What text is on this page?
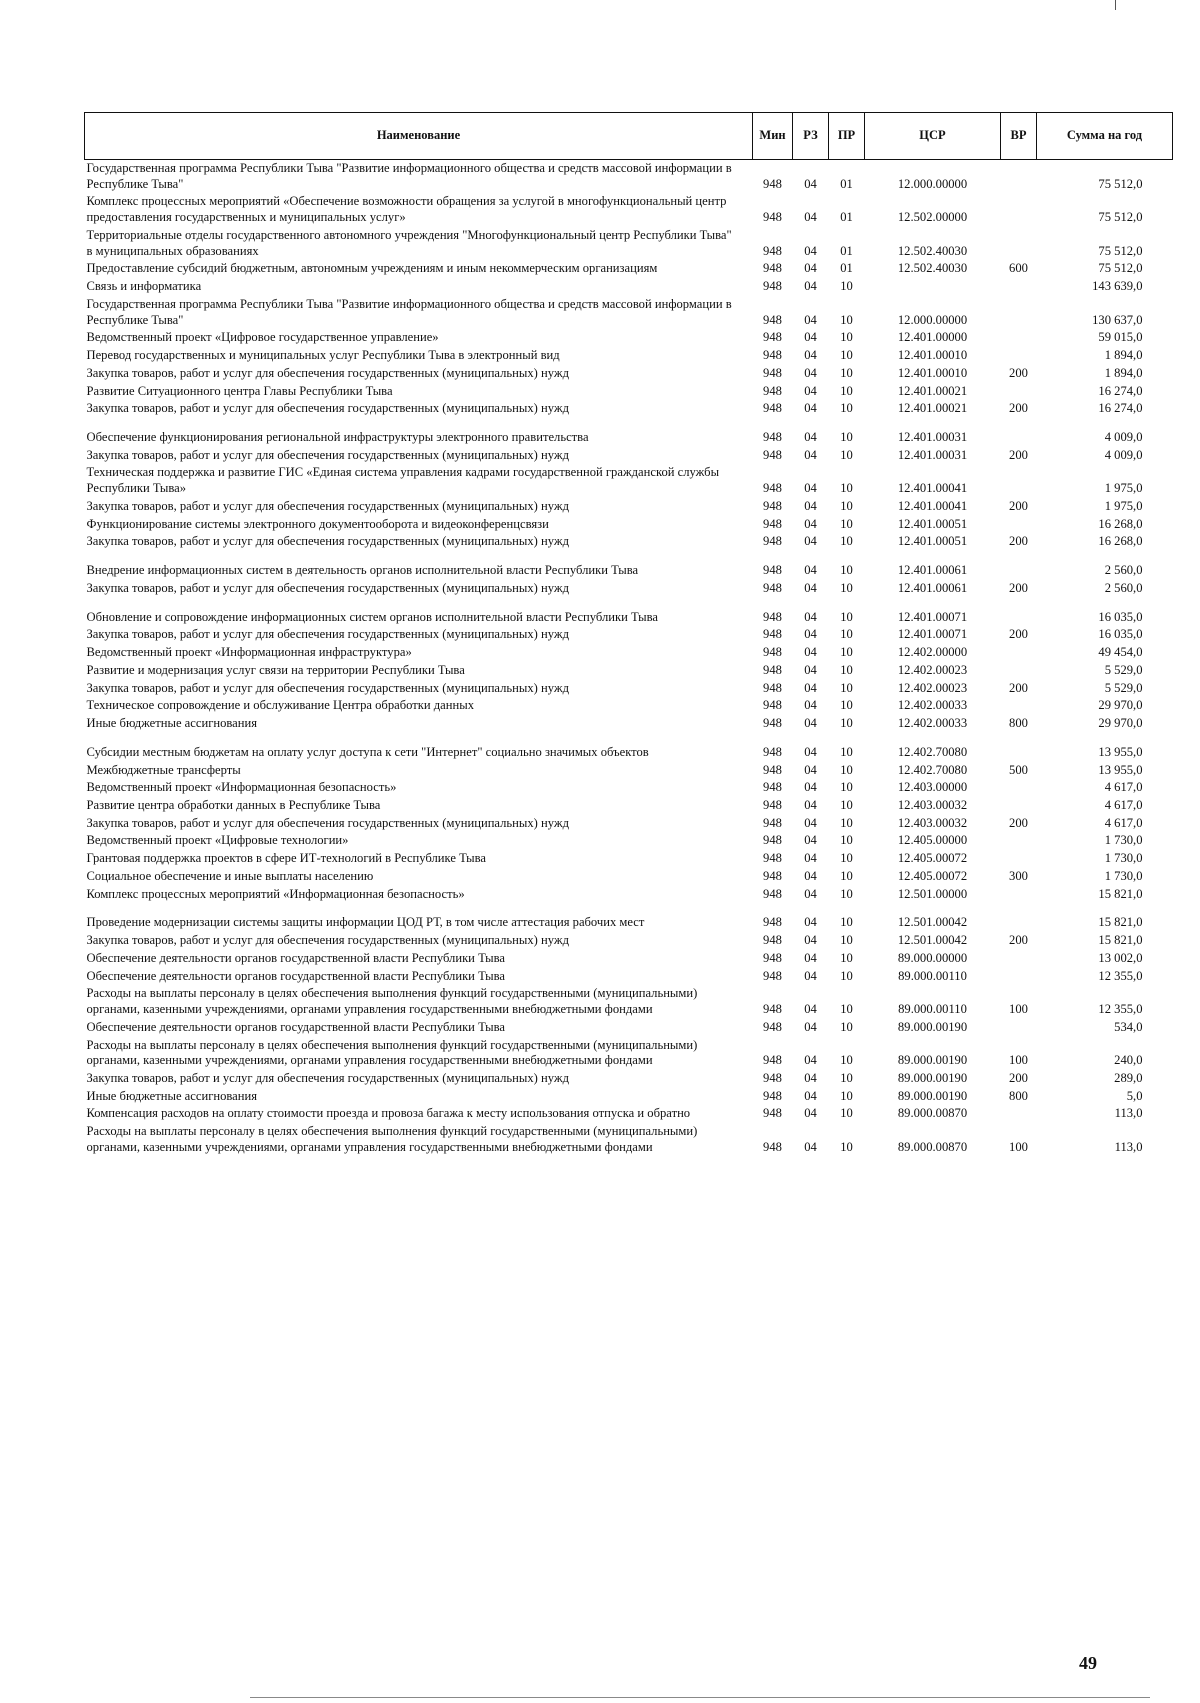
Наименование	Мин	РЗ	ПР	ЦСР	ВР	Сумма на год
Государственная программа Республики Тыва "Развитие информационного общества и средств массовой информации в Республике Тыва"	948	04	01	12.000.00000		75 512,0
Комплекс процессных мероприятий «Обеспечение возможности обращения за услугой в многофункциональный центр предоставления государственных и муниципальных услуг»	948	04	01	12.502.00000		75 512,0
Территориальные отделы государственного автономного учреждения "Многофункциональный центр Республики Тыва" в муниципальных образованиях	948	04	01	12.502.40030		75 512,0
Предоставление субсидий бюджетным, автономным учреждениям и иным некоммерческим организациям	948	04	01	12.502.40030	600	75 512,0
Связь и информатика	948	04	10			143 639,0
Государственная программа Республики Тыва "Развитие информационного общества и средств массовой информации в Республике Тыва"	948	04	10	12.000.00000		130 637,0
Ведомственный проект «Цифровое государственное управление»	948	04	10	12.401.00000		59 015,0
Перевод государственных и муниципальных услуг Республики Тыва в электронный вид	948	04	10	12.401.00010		1 894,0
Закупка товаров, работ и услуг для обеспечения государственных (муниципальных) нужд	948	04	10	12.401.00010	200	1 894,0
Развитие Ситуационного центра Главы Республики Тыва	948	04	10	12.401.00021		16 274,0
Закупка товаров, работ и услуг для обеспечения государственных (муниципальных) нужд	948	04	10	12.401.00021	200	16 274,0
Обеспечение функционирования региональной инфраструктуры электронного правительства	948	04	10	12.401.00031		4 009,0
Закупка товаров, работ и услуг для обеспечения государственных (муниципальных) нужд	948	04	10	12.401.00031	200	4 009,0
Техническая поддержка и развитие ГИС «Единая система управления кадрами государственной гражданской службы Республики Тыва»	948	04	10	12.401.00041		1 975,0
Закупка товаров, работ и услуг для обеспечения государственных (муниципальных) нужд	948	04	10	12.401.00041	200	1 975,0
Функционирование системы электронного документооборота и видеоконференцсвязи	948	04	10	12.401.00051		16 268,0
Закупка товаров, работ и услуг для обеспечения государственных (муниципальных) нужд	948	04	10	12.401.00051	200	16 268,0
Внедрение информационных систем в деятельность органов исполнительной власти Республики Тыва	948	04	10	12.401.00061		2 560,0
Закупка товаров, работ и услуг для обеспечения государственных (муниципальных) нужд	948	04	10	12.401.00061	200	2 560,0
Обновление и сопровождение информационных систем органов исполнительной власти Республики Тыва	948	04	10	12.401.00071		16 035,0
Закупка товаров, работ и услуг для обеспечения государственных (муниципальных) нужд	948	04	10	12.401.00071	200	16 035,0
Ведомственный проект «Информационная инфраструктура»	948	04	10	12.402.00000		49 454,0
Развитие и модернизация услуг связи на территории Республики Тыва	948	04	10	12.402.00023		5 529,0
Закупка товаров, работ и услуг для обеспечения государственных (муниципальных) нужд	948	04	10	12.402.00023	200	5 529,0
Техническое сопровождение и обслуживание Центра обработки данных	948	04	10	12.402.00033		29 970,0
Иные бюджетные ассигнования	948	04	10	12.402.00033	800	29 970,0
Субсидии местным бюджетам на оплату услуг доступа к сети "Интернет" социально значимых объектов	948	04	10	12.402.70080		13 955,0
Межбюджетные трансферты	948	04	10	12.402.70080	500	13 955,0
Ведомственный проект «Информационная безопасность»	948	04	10	12.403.00000		4 617,0
Развитие центра обработки данных в Республике Тыва	948	04	10	12.403.00032		4 617,0
Закупка товаров, работ и услуг для обеспечения государственных (муниципальных) нужд	948	04	10	12.403.00032	200	4 617,0
Ведомственный проект «Цифровые технологии»	948	04	10	12.405.00000		1 730,0
Грантовая поддержка проектов в сфере ИТ-технологий в Республике Тыва	948	04	10	12.405.00072		1 730,0
Социальное обеспечение и иные выплаты населению	948	04	10	12.405.00072	300	1 730,0
Комплекс процессных мероприятий «Информационная безопасность»	948	04	10	12.501.00000		15 821,0
Проведение модернизации системы защиты информации ЦОД РТ, в том числе аттестация рабочих мест	948	04	10	12.501.00042		15 821,0
Закупка товаров, работ и услуг для обеспечения государственных (муниципальных) нужд	948	04	10	12.501.00042	200	15 821,0
Обеспечение деятельности органов государственной власти Республики Тыва	948	04	10	89.000.00000		13 002,0
Обеспечение деятельности органов государственной власти Республики Тыва	948	04	10	89.000.00110		12 355,0
Расходы на выплаты персоналу в целях обеспечения выполнения функций государственными (муниципальными) органами, казенными учреждениями, органами управления государственными внебюджетными фондами	948	04	10	89.000.00110	100	12 355,0
Обеспечение деятельности органов государственной власти Республики Тыва	948	04	10	89.000.00190		534,0
Расходы на выплаты персоналу в целях обеспечения выполнения функций государственными (муниципальными) органами, казенными учреждениями, органами управления государственными внебюджетными фондами	948	04	10	89.000.00190	100	240,0
Закупка товаров, работ и услуг для обеспечения государственных (муниципальных) нужд	948	04	10	89.000.00190	200	289,0
Иные бюджетные ассигнования	948	04	10	89.000.00190	800	5,0
Компенсация расходов на оплату стоимости проезда и провоза багажа к месту использования отпуска и обратно	948	04	10	89.000.00870		113,0
Расходы на выплаты персоналу в целях обеспечения выполнения функций государственными (муниципальными) органами, казенными учреждениями, органами управления государственными внебюджетными фондами	948	04	10	89.000.00870	100	113,0
49
